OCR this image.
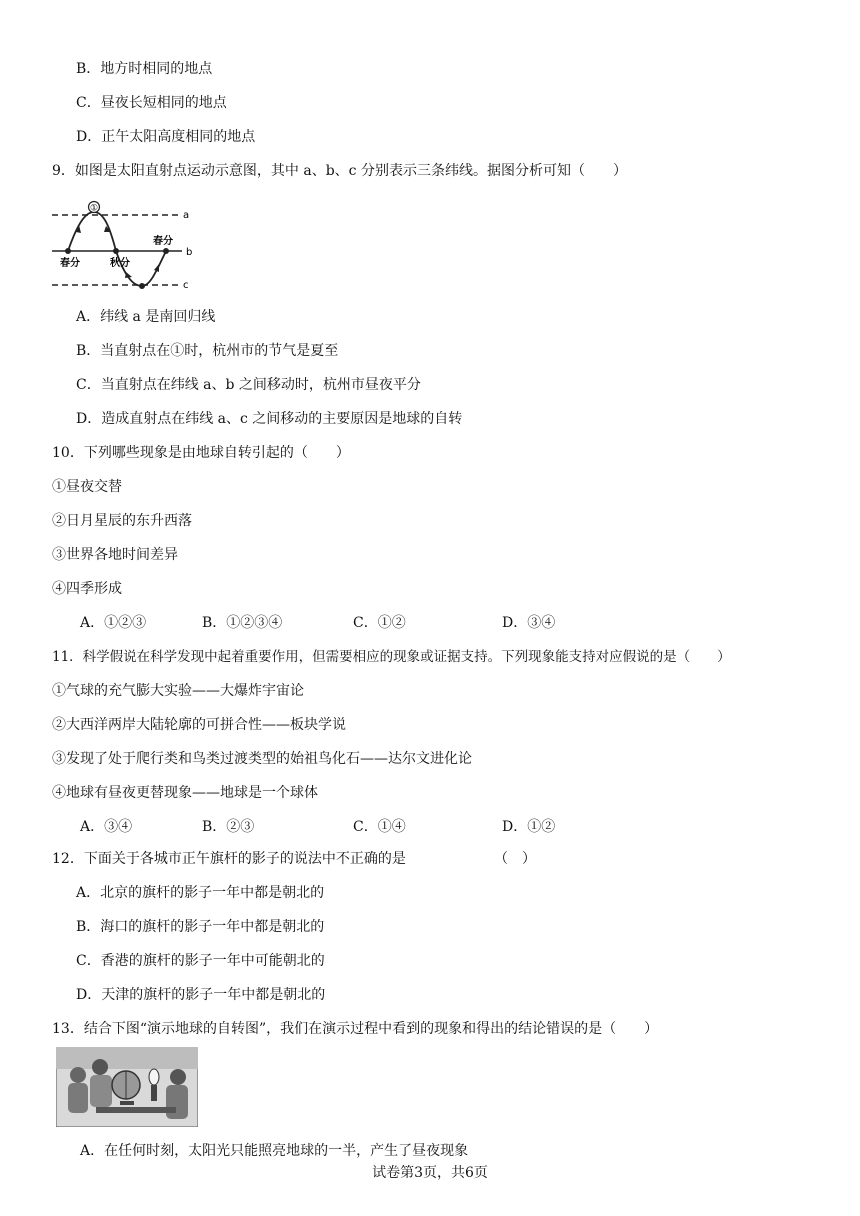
B．地方时相同的地点
C．昼夜长短相同的地点
D．正午太阳高度相同的地点
9．如图是太阳直射点运动示意图，其中 a、b、c 分别表示三条纬线。据图分析可知（　　）
①
a
b
c
春分	秋分
春分
A．纬线 a 是南回归线
B．当直射点在①时，杭州市的节气是夏至
C．当直射点在纬线 a、b 之间移动时，杭州市昼夜平分
D．造成直射点在纬线 a、c 之间移动的主要原因是地球的自转
10．下列哪些现象是由地球自转引起的（　　）
①昼夜交替
②日月星辰的东升西落
③世界各地时间差异
④四季形成
A．①②③	B．①②③④	C．①②	D．③④
11．科学假说在科学发现中起着重要作用，但需要相应的现象或证据支持。下列现象能支持对应假说的是（　　）
①气球的充气膨大实验——大爆炸宇宙论
②大西洋两岸大陆轮廓的可拼合性——板块学说
③发现了处于爬行类和鸟类过渡类型的始祖鸟化石——达尔文进化论
④地球有昼夜更替现象——地球是一个球体
A．③④	B．②③	C．①④	D．①②
12．下面关于各城市正午旗杆的影子的说法中不正确的是	（　）
A．北京的旗杆的影子一年中都是朝北的
B．海口的旗杆的影子一年中都是朝北的
C．香港的旗杆的影子一年中可能朝北的
D．天津的旗杆的影子一年中都是朝北的
13．结合下图“演示地球的自转图”，我们在演示过程中看到的现象和得出的结论错误的是（　　）
A．在任何时刻，太阳光只能照亮地球的一半，产生了昼夜现象
试卷第3页，共6页
